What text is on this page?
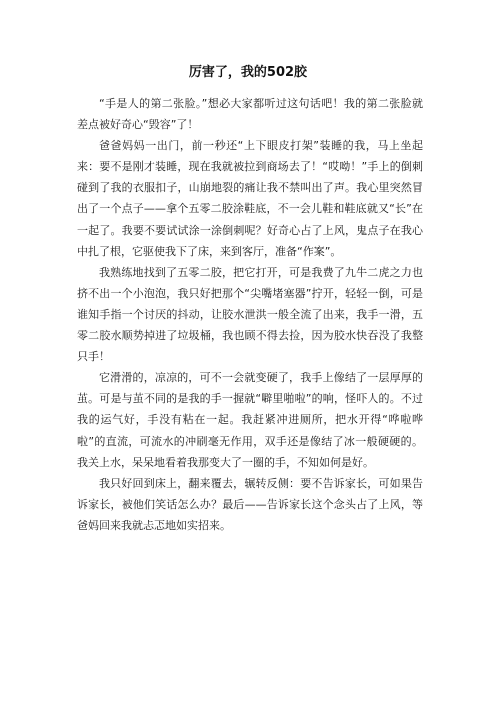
厉害了，我的502胶

“手是人的第二张脸。”想必大家都听过这句话吧！我的第二张脸就差点被好奇心“毁容”了！

爸爸妈妈一出门，前一秒还“上下眼皮打架”装睡的我，马上坐起来：要不是刚才装睡，现在我就被拉到商场去了！“哎呦！”手上的倒刺碰到了我的衣服扣子，山崩地裂的痛让我不禁叫出了声。我心里突然冒出了一个点子——拿个五零二胶涂鞋底，不一会儿鞋和鞋底就又“长”在一起了。我要不要试试涂一涂倒刺呢？好奇心占了上风，鬼点子在我心中扎了根，它驱使我下了床，来到客厅，准备“作案”。

我熟练地找到了五零二胶，把它打开，可是我费了九牛二虎之力也挤不出一个小泡泡，我只好把那个“尖嘴堵塞器”拧开，轻轻一倒，可是谁知手指一个讨厌的抖动，让胶水泄洪一般全流了出来，我手一滑，五零二胶水顺势掉进了垃圾桶，我也顾不得去捡，因为胶水快吞没了我整只手！

它滑滑的，凉凉的，可不一会就变硬了，我手上像结了一层厚厚的茧。可是与茧不同的是我的手一握就“噼里啪啦”的响，怪吓人的。不过我的运气好，手没有粘在一起。我赶紧冲进厕所，把水开得“哗啦哗啦”的直流，可流水的冲刷毫无作用，双手还是像结了冰一般硬硬的。我关上水，呆呆地看着我那变大了一圈的手，不知如何是好。

我只好回到床上，翻来覆去，辗转反侧：要不告诉家长，可如果告诉家长，被他们笑话怎么办？最后——告诉家长这个念头占了上风，等爸妈回来我就忐忑地如实招来。
